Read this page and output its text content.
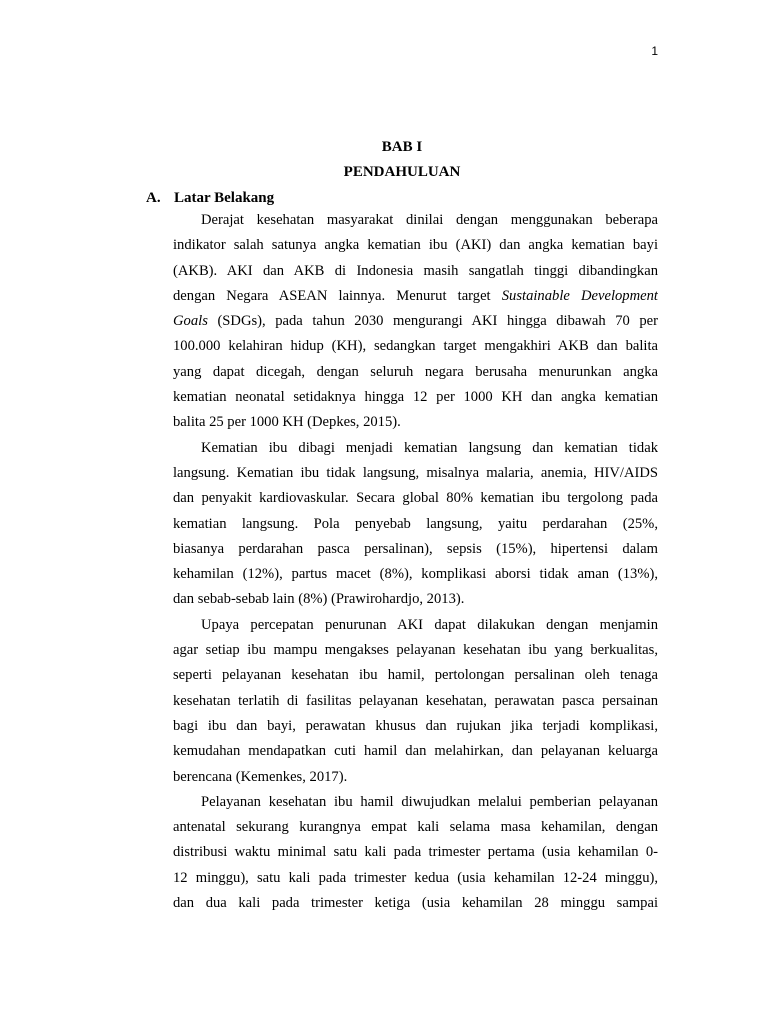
1
BAB I
PENDAHULUAN
A. Latar Belakang
Derajat kesehatan masyarakat dinilai dengan menggunakan beberapa
indikator salah satunya angka kematian ibu (AKI) dan angka kematian bayi
(AKB). AKI dan AKB di Indonesia masih sangatlah tinggi dibandingkan
dengan Negara ASEAN lainnya. Menurut target Sustainable Development
Goals (SDGs), pada tahun 2030 mengurangi AKI hingga dibawah 70 per
100.000 kelahiran hidup (KH), sedangkan target mengakhiri AKB dan balita
yang dapat dicegah, dengan seluruh negara berusaha menurunkan angka
kematian neonatal setidaknya hingga 12 per 1000 KH dan angka kematian
balita 25 per 1000 KH (Depkes, 2015).
Kematian ibu dibagi menjadi kematian langsung dan kematian tidak
langsung. Kematian ibu tidak langsung, misalnya malaria, anemia, HIV/AIDS
dan penyakit kardiovaskular. Secara global 80% kematian ibu tergolong pada
kematian langsung. Pola penyebab langsung, yaitu perdarahan (25%,
biasanya perdarahan pasca persalinan), sepsis (15%), hipertensi dalam
kehamilan (12%), partus macet (8%), komplikasi aborsi tidak aman (13%),
dan sebab-sebab lain (8%) (Prawirohardjo, 2013).
Upaya percepatan penurunan AKI dapat dilakukan dengan menjamin
agar setiap ibu mampu mengakses pelayanan kesehatan ibu yang berkualitas,
seperti pelayanan kesehatan ibu hamil, pertolongan persalinan oleh tenaga
kesehatan terlatih di fasilitas pelayanan kesehatan, perawatan pasca persainan
bagi ibu dan bayi, perawatan khusus dan rujukan jika terjadi komplikasi,
kemudahan mendapatkan cuti hamil dan melahirkan, dan pelayanan keluarga
berencana (Kemenkes, 2017).
Pelayanan kesehatan ibu hamil diwujudkan melalui pemberian pelayanan
antenatal sekurang kurangnya empat kali selama masa kehamilan, dengan
distribusi waktu minimal satu kali pada trimester pertama (usia kehamilan 0-
12 minggu), satu kali pada trimester kedua (usia kehamilan 12-24 minggu),
dan dua kali pada trimester ketiga (usia kehamilan 28 minggu sampai
